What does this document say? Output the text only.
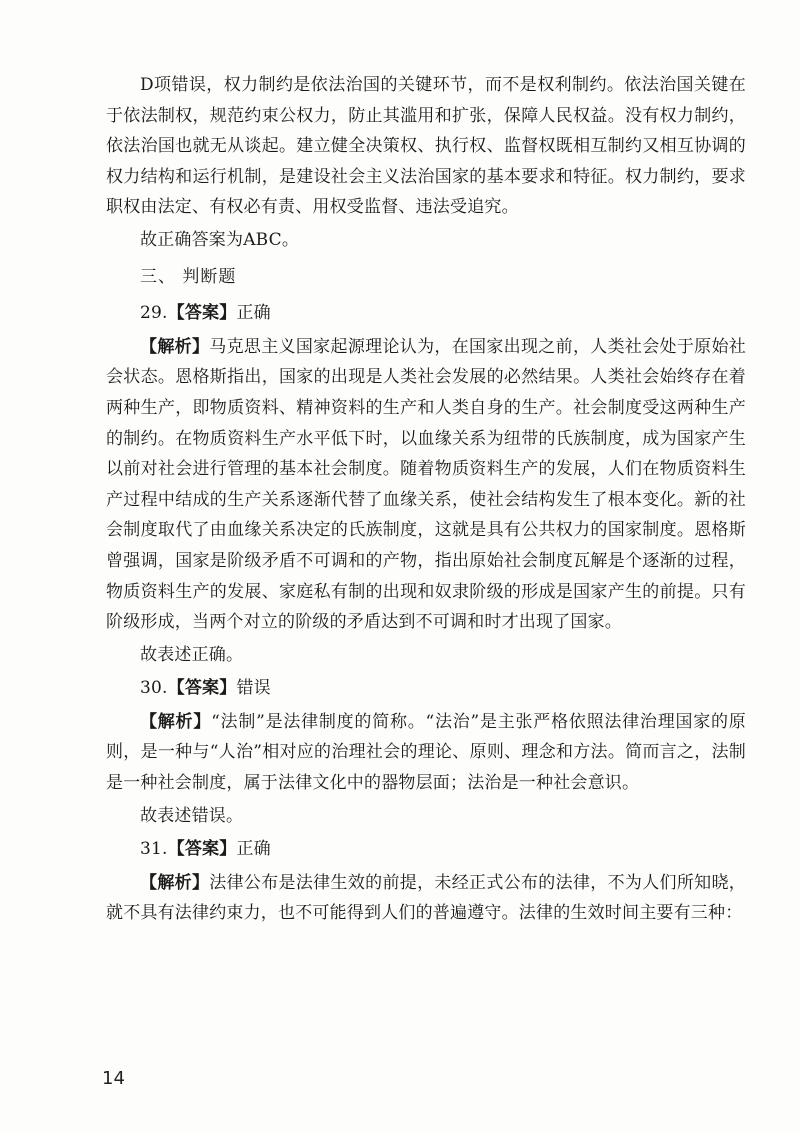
D项错误，权力制约是依法治国的关键环节，而不是权利制约。依法治国关键在于依法制权，规范约束公权力，防止其滥用和扩张，保障人民权益。没有权力制约，依法治国也就无从谈起。建立健全决策权、执行权、监督权既相互制约又相互协调的权力结构和运行机制，是建设社会主义法治国家的基本要求和特征。权力制约，要求职权由法定、有权必有责、用权受监督、违法受追究。

故正确答案为ABC。

三、 判断题

29.【答案】正确

【解析】马克思主义国家起源理论认为，在国家出现之前，人类社会处于原始社会状态。恩格斯指出，国家的出现是人类社会发展的必然结果。人类社会始终存在着两种生产，即物质资料、精神资料的生产和人类自身的生产。社会制度受这两种生产的制约。在物质资料生产水平低下时，以血缘关系为纽带的氏族制度，成为国家产生以前对社会进行管理的基本社会制度。随着物质资料生产的发展，人们在物质资料生产过程中结成的生产关系逐渐代替了血缘关系，使社会结构发生了根本变化。新的社会制度取代了由血缘关系决定的氏族制度，这就是具有公共权力的国家制度。恩格斯曾强调，国家是阶级矛盾不可调和的产物，指出原始社会制度瓦解是个逐渐的过程，物质资料生产的发展、家庭私有制的出现和奴隶阶级的形成是国家产生的前提。只有阶级形成，当两个对立的阶级的矛盾达到不可调和时才出现了国家。

故表述正确。

30.【答案】错误

【解析】“法制”是法律制度的简称。“法治”是主张严格依照法律治理国家的原则，是一种与“人治”相对应的治理社会的理论、原则、理念和方法。简而言之，法制是一种社会制度，属于法律文化中的器物层面；法治是一种社会意识。

故表述错误。

31.【答案】正确

【解析】法律公布是法律生效的前提，未经正式公布的法律，不为人们所知晓，就不具有法律约束力，也不可能得到人们的普遍遵守。法律的生效时间主要有三种：

14
